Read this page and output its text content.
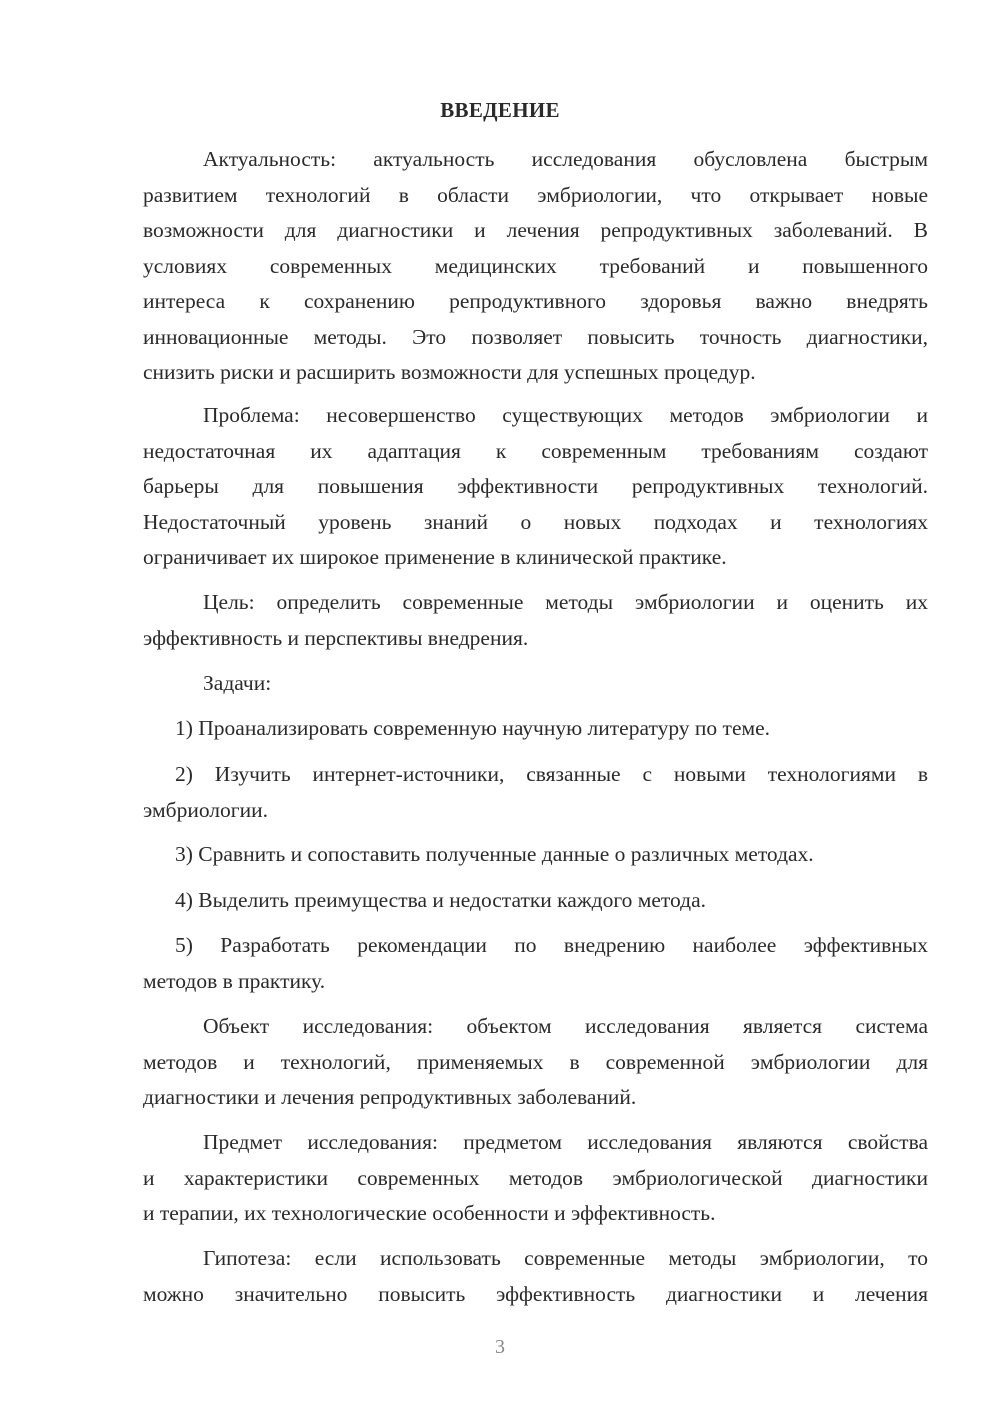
ВВЕДЕНИЕ

Актуальность: актуальность исследования обусловлена быстрым
развитием технологий в области эмбриологии, что открывает новые
возможности для диагностики и лечения репродуктивных заболеваний. В
условиях современных медицинских требований и повышенного
интереса к сохранению репродуктивного здоровья важно внедрять
инновационные методы. Это позволяет повысить точность диагностики,
снизить риски и расширить возможности для успешных процедур.

Проблема: несовершенство существующих методов эмбриологии и
недостаточная их адаптация к современным требованиям создают
барьеры для повышения эффективности репродуктивных технологий.
Недостаточный уровень знаний о новых подходах и технологиях
ограничивает их широкое применение в клинической практике.

Цель: определить современные методы эмбриологии и оценить их
эффективность и перспективы внедрения.

Задачи:

1) Проанализировать современную научную литературу по теме.

2) Изучить интернет-источники, связанные с новыми технологиями в
эмбриологии.

3) Сравнить и сопоставить полученные данные о различных методах.

4) Выделить преимущества и недостатки каждого метода.

5) Разработать рекомендации по внедрению наиболее эффективных
методов в практику.

Объект исследования: объектом исследования является система
методов и технологий, применяемых в современной эмбриологии для
диагностики и лечения репродуктивных заболеваний.

Предмет исследования: предметом исследования являются свойства
и характеристики современных методов эмбриологической диагностики
и терапии, их технологические особенности и эффективность.

Гипотеза: если использовать современные методы эмбриологии, то
можно значительно повысить эффективность диагностики и лечения

3
